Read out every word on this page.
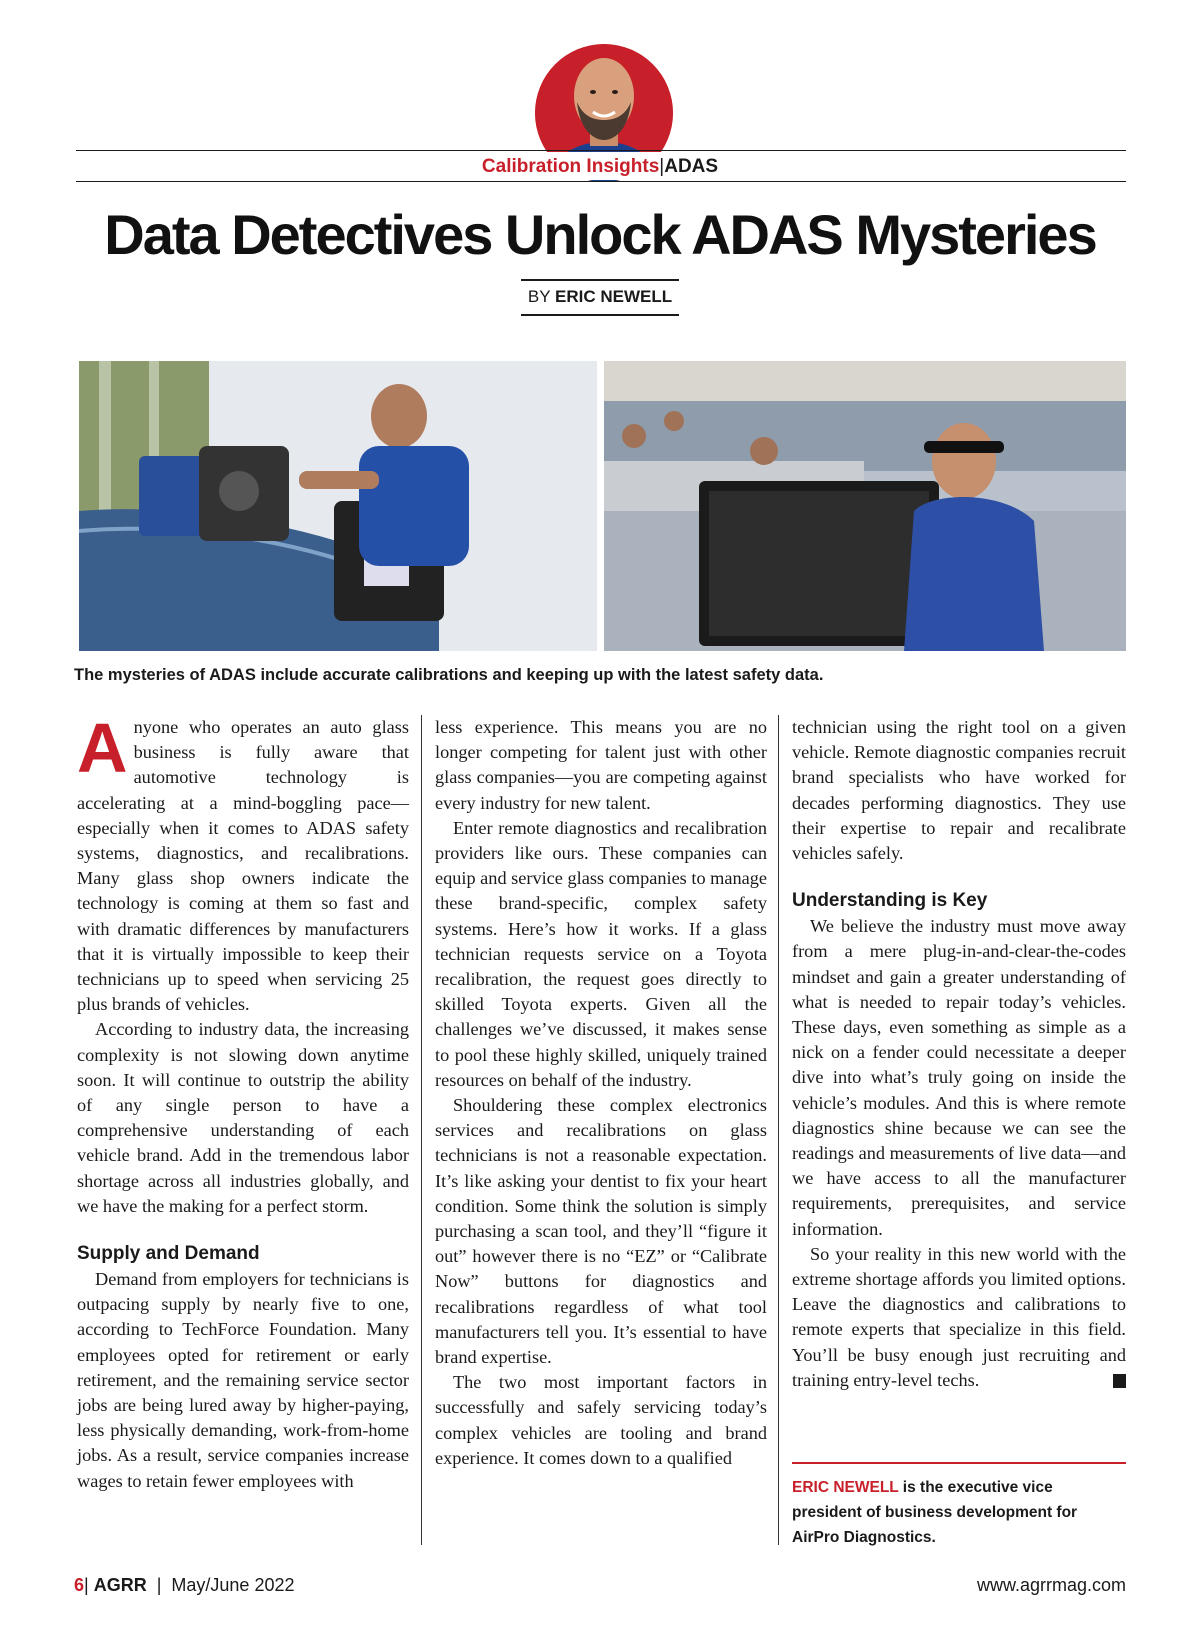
Calibration Insights|ADAS
Data Detectives Unlock ADAS Mysteries
BY ERIC NEWELL
The mysteries of ADAS include accurate calibrations and keeping up with the latest safety data.

Anyone who operates an auto glass business is fully aware that automotive technology is accelerating at a mind-boggling pace—especially when it comes to ADAS safety systems, diagnostics, and recalibrations. Many glass shop owners indicate the technology is coming at them so fast and with dramatic differences by manufacturers that it is virtually impossible to keep their technicians up to speed when servicing 25 plus brands of vehicles.

According to industry data, the increasing complexity is not slowing down anytime soon. It will continue to outstrip the ability of any single person to have a comprehensive understanding of each vehicle brand. Add in the tremendous labor shortage across all industries globally, and we have the making for a perfect storm.

Supply and Demand

Demand from employers for technicians is outpacing supply by nearly five to one, according to TechForce Foundation. Many employees opted for retirement or early retirement, and the remaining service sector jobs are being lured away by higher-paying, less physically demanding, work-from-home jobs. As a result, service companies increase wages to retain fewer employees with

less experience. This means you are no longer competing for talent just with other glass companies—you are competing against every industry for new talent.

Enter remote diagnostics and recalibration providers like ours. These companies can equip and service glass companies to manage these brand-specific, complex safety systems. Here’s how it works. If a glass technician requests service on a Toyota recalibration, the request goes directly to skilled Toyota experts. Given all the challenges we’ve discussed, it makes sense to pool these highly skilled, uniquely trained resources on behalf of the industry.

Shouldering these complex electronics services and recalibrations on glass technicians is not a reasonable expectation. It’s like asking your dentist to fix your heart condition. Some think the solution is simply purchasing a scan tool, and they’ll “figure it out” however there is no “EZ” or “Calibrate Now” buttons for diagnostics and recalibrations regardless of what tool manufacturers tell you. It’s essential to have brand expertise.

The two most important factors in successfully and safely servicing today’s complex vehicles are tooling and brand experience. It comes down to a qualified

technician using the right tool on a given vehicle. Remote diagnostic companies recruit brand specialists who have worked for decades performing diagnostics. They use their expertise to repair and recalibrate vehicles safely.

Understanding is Key

We believe the industry must move away from a mere plug-in-and-clear-the-codes mindset and gain a greater understanding of what is needed to repair today’s vehicles. These days, even something as simple as a nick on a fender could necessitate a deeper dive into what’s truly going on inside the vehicle’s modules. And this is where remote diagnostics shine because we can see the readings and measurements of live data—and we have access to all the manufacturer requirements, prerequisites, and service information.

So your reality in this new world with the extreme shortage affords you limited options. Leave the diagnostics and calibrations to remote experts that specialize in this field. You’ll be busy enough just recruiting and training entry-level techs.

ERIC NEWELL is the executive vice president of business development for AirPro Diagnostics.
6| AGRR  |  May/June 2022	www.agrrmag.com
